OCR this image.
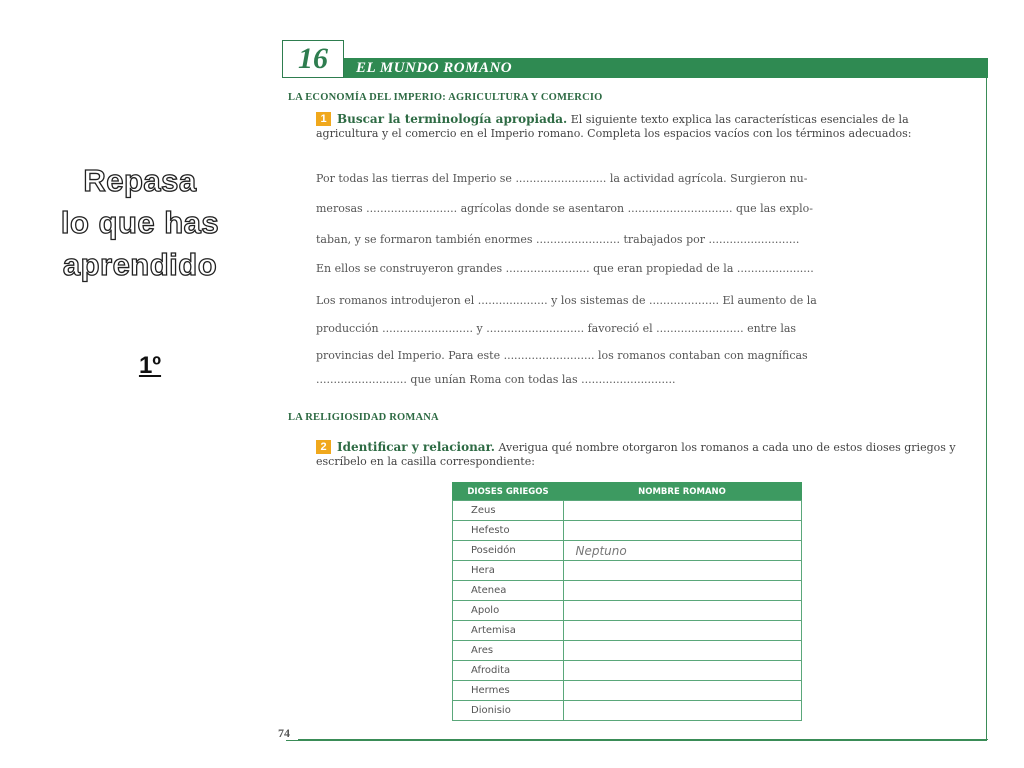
Repasa
lo que has
aprendido
1º
EL MUNDO ROMANO
16
LA ECONOMÍA DEL IMPERIO: AGRICULTURA Y COMERCIO
1 Buscar la terminología apropiada. El siguiente texto explica las características esenciales de la agricultura y el comercio en el Imperio romano. Completa los espacios vacíos con los términos adecuados:
Por todas las tierras del Imperio se .......................... la actividad agrícola. Surgieron nu-
merosas .......................... agrícolas donde se asentaron .............................. que las explo-
taban, y se formaron también enormes ........................ trabajados por ..........................
En ellos se construyeron grandes ........................ que eran propiedad de la ......................
Los romanos introdujeron el .................... y los sistemas de .................... El aumento de la
producción .......................... y ............................ favoreció el ......................... entre las
provincias del Imperio. Para este .......................... los romanos contaban con magníficas
.......................... que unían Roma con todas las ...........................
LA RELIGIOSIDAD ROMANA
2 Identificar y relacionar. Averigua qué nombre otorgaron los romanos a cada uno de estos dioses griegos y escríbelo en la casilla correspondiente:
DIOSES GRIEGOS	NOMBRE ROMANO
Zeus	
Hefesto	
Poseidón	Neptuno
Hera	
Atenea	
Apolo	
Artemisa	
Ares	
Afrodita	
Hermes	
Dionisio	
74
